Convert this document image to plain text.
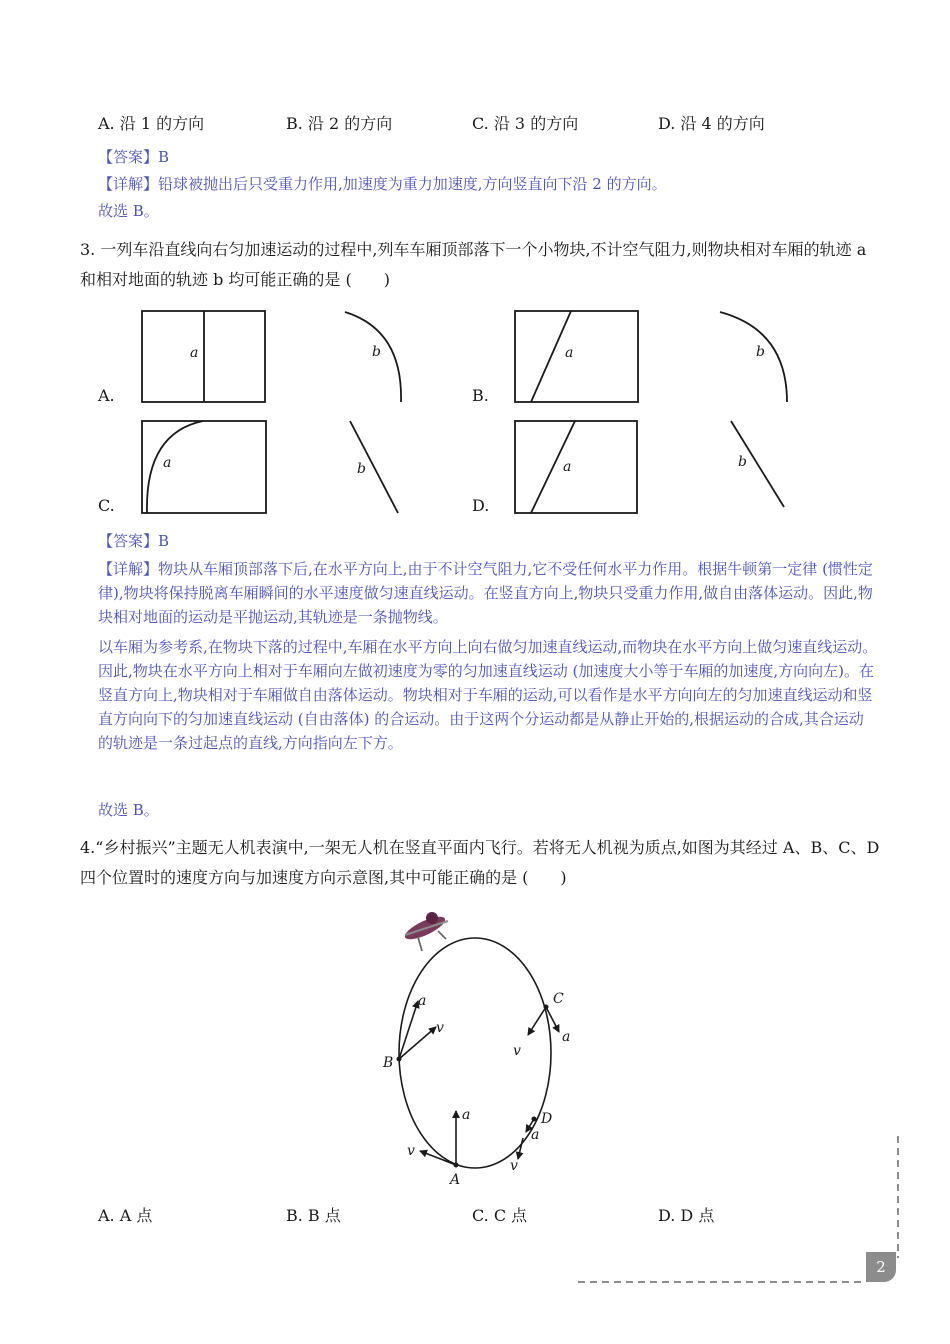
A. 沿 1 的方向	B. 沿 2 的方向	C. 沿 3 的方向	D. 沿 4 的方向
【答案】B
【详解】铅球被抛出后只受重力作用,加速度为重力加速度,方向竖直向下沿 2 的方向。
故选 B。
3. 一列车沿直线向右匀加速运动的过程中,列车车厢顶部落下一个小物块,不计空气阻力,则物块相对车厢的轨迹 a 和相对地面的轨迹 b 均可能正确的是 (　　)
a	b	a	b
a	b	a	b
A.	B.
C.	D.
【答案】B
【详解】物块从车厢顶部落下后,在水平方向上,由于不计空气阻力,它不受任何水平力作用。根据牛顿第一定律 (惯性定律),物块将保持脱离车厢瞬间的水平速度做匀速直线运动。在竖直方向上,物块只受重力作用,做自由落体运动。因此,物块相对地面的运动是平抛运动,其轨迹是一条抛物线。
以车厢为参考系,在物块下落的过程中,车厢在水平方向上向右做匀加速直线运动,而物块在水平方向上做匀速直线运动。因此,物块在水平方向上相对于车厢向左做初速度为零的匀加速直线运动 (加速度大小等于车厢的加速度,方向向左)。在竖直方向上,物块相对于车厢做自由落体运动。物块相对于车厢的运动,可以看作是水平方向向左的匀加速直线运动和竖直方向向下的匀加速直线运动 (自由落体) 的合运动。由于这两个分运动都是从静止开始的,根据运动的合成,其合运动的轨迹是一条过起点的直线,方向指向左下方。
故选 B。
4.“乡村振兴”主题无人机表演中,一架无人机在竖直平面内飞行。若将无人机视为质点,如图为其经过 A、B、C、D 四个位置时的速度方向与加速度方向示意图,其中可能正确的是 (　　)
B
a
v
C
v
a
D
a
v
a
v
A
A. A 点	B. B 点	C. C 点	D. D 点
2
